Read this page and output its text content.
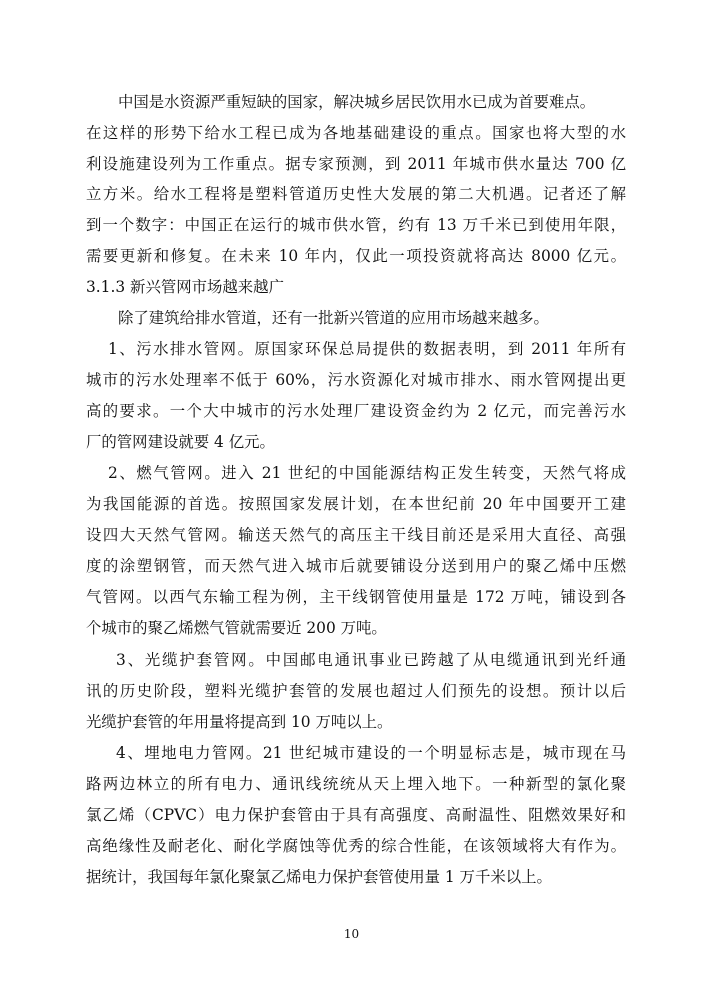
中国是水资源严重短缺的国家，解决城乡居民饮用水已成为首要难点。
在这样的形势下给水工程已成为各地基础建设的重点。国家也将大型的水
利设施建设列为工作重点。据专家预测，到 2011 年城市供水量达 700 亿
立方米。给水工程将是塑料管道历史性大发展的第二大机遇。记者还了解
到一个数字：中国正在运行的城市供水管，约有 13 万千米已到使用年限，
需要更新和修复。在未来 10 年内，仅此一项投资就将高达 8000 亿元。
3.1.3 新兴管网市场越来越广
除了建筑给排水管道，还有一批新兴管道的应用市场越来越多。
1、污水排水管网。原国家环保总局提供的数据表明，到 2011 年所有
城市的污水处理率不低于 60%，污水资源化对城市排水、雨水管网提出更
高的要求。一个大中城市的污水处理厂建设资金约为 2 亿元，而完善污水
厂的管网建设就要 4 亿元。
2、燃气管网。进入 21 世纪的中国能源结构正发生转变，天然气将成
为我国能源的首选。按照国家发展计划，在本世纪前 20 年中国要开工建
设四大天然气管网。输送天然气的高压主干线目前还是采用大直径、高强
度的涂塑钢管，而天然气进入城市后就要铺设分送到用户的聚乙烯中压燃
气管网。以西气东输工程为例，主干线钢管使用量是 172 万吨，铺设到各
个城市的聚乙烯燃气管就需要近 200 万吨。
3、光缆护套管网。中国邮电通讯事业已跨越了从电缆通讯到光纤通
讯的历史阶段，塑料光缆护套管的发展也超过人们预先的设想。预计以后
光缆护套管的年用量将提高到 10 万吨以上。
4、埋地电力管网。21 世纪城市建设的一个明显标志是，城市现在马
路两边林立的所有电力、通讯线统统从天上埋入地下。一种新型的氯化聚
氯乙烯（CPVC）电力保护套管由于具有高强度、高耐温性、阻燃效果好和
高绝缘性及耐老化、耐化学腐蚀等优秀的综合性能，在该领域将大有作为。
据统计，我国每年氯化聚氯乙烯电力保护套管使用量 1 万千米以上。
10
